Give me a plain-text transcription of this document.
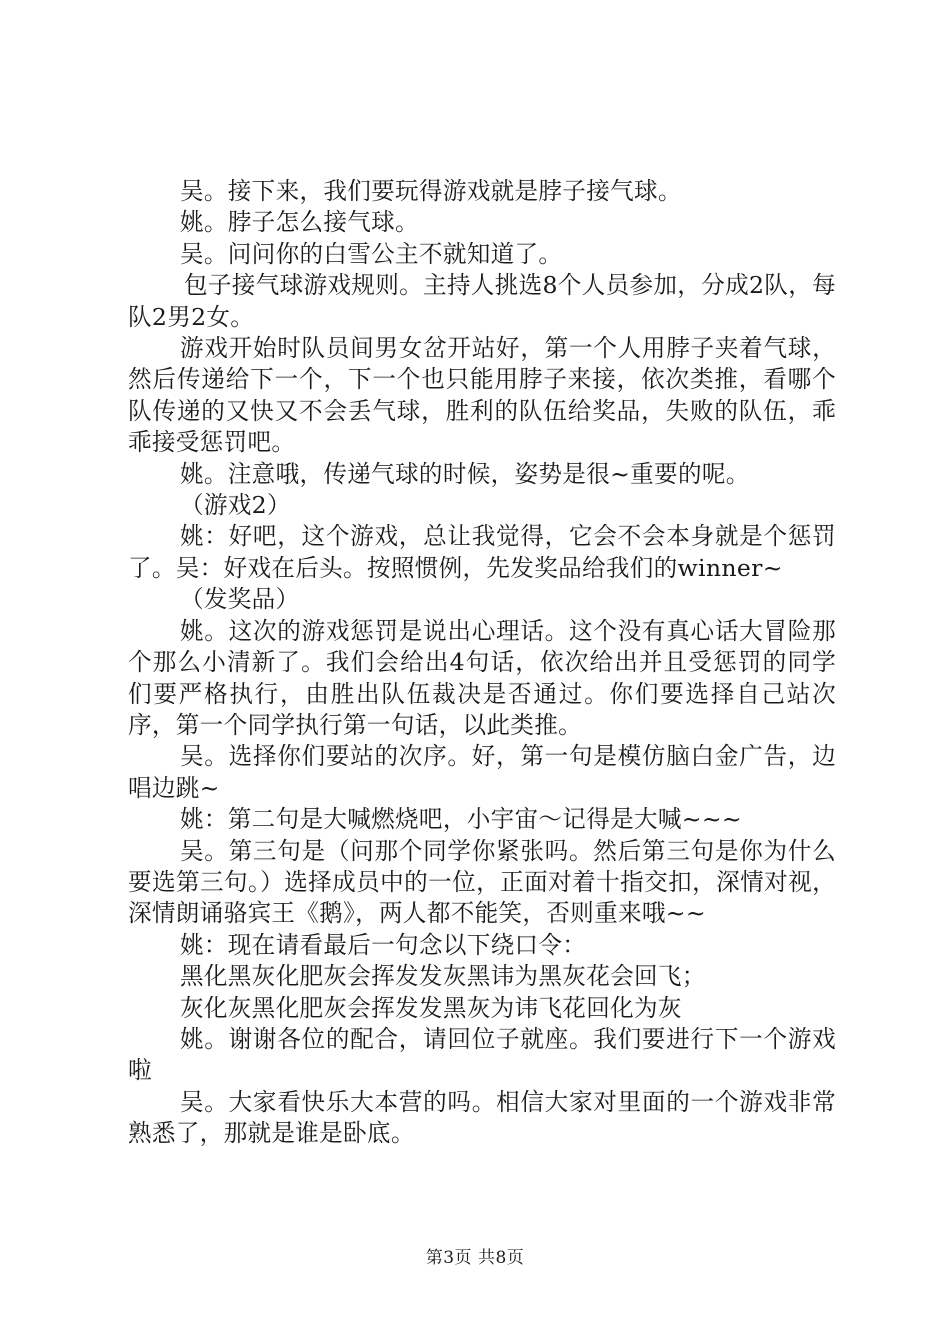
吴。接下来，我们要玩得游戏就是脖子接气球。

姚。脖子怎么接气球。

吴。问问你的白雪公主不就知道了。

包子接气球游戏规则。主持人挑选8个人员参加，分成2队，每队2男2女。

游戏开始时队员间男女岔开站好，第一个人用脖子夹着气球，然后传递给下一个，下一个也只能用脖子来接，依次类推，看哪个队传递的又快又不会丢气球，胜利的队伍给奖品，失败的队伍，乖乖接受惩罚吧。

姚。注意哦，传递气球的时候，姿势是很~重要的呢。

（游戏2）

姚：好吧，这个游戏，总让我觉得，它会不会本身就是个惩罚了。吴：好戏在后头。按照惯例，先发奖品给我们的winner~

（发奖品）

姚。这次的游戏惩罚是说出心理话。这个没有真心话大冒险那个那么小清新了。我们会给出4句话，依次给出并且受惩罚的同学们要严格执行，由胜出队伍裁决是否通过。你们要选择自己站次序，第一个同学执行第一句话，以此类推。

吴。选择你们要站的次序。好，第一句是模仿脑白金广告，边唱边跳~

姚：第二句是大喊燃烧吧，小宇宙～记得是大喊~~~

吴。第三句是（问那个同学你紧张吗。然后第三句是你为什么要选第三句。）选择成员中的一位，正面对着十指交扣，深情对视，深情朗诵骆宾王《鹅》，两人都不能笑，否则重来哦~~

姚：现在请看最后一句念以下绕口令：

黑化黑灰化肥灰会挥发发灰黑讳为黑灰花会回飞；

灰化灰黑化肥灰会挥发发黑灰为讳飞花回化为灰

姚。谢谢各位的配合，请回位子就座。我们要进行下一个游戏啦

吴。大家看快乐大本营的吗。相信大家对里面的一个游戏非常熟悉了，那就是谁是卧底。

第3页 共8页
